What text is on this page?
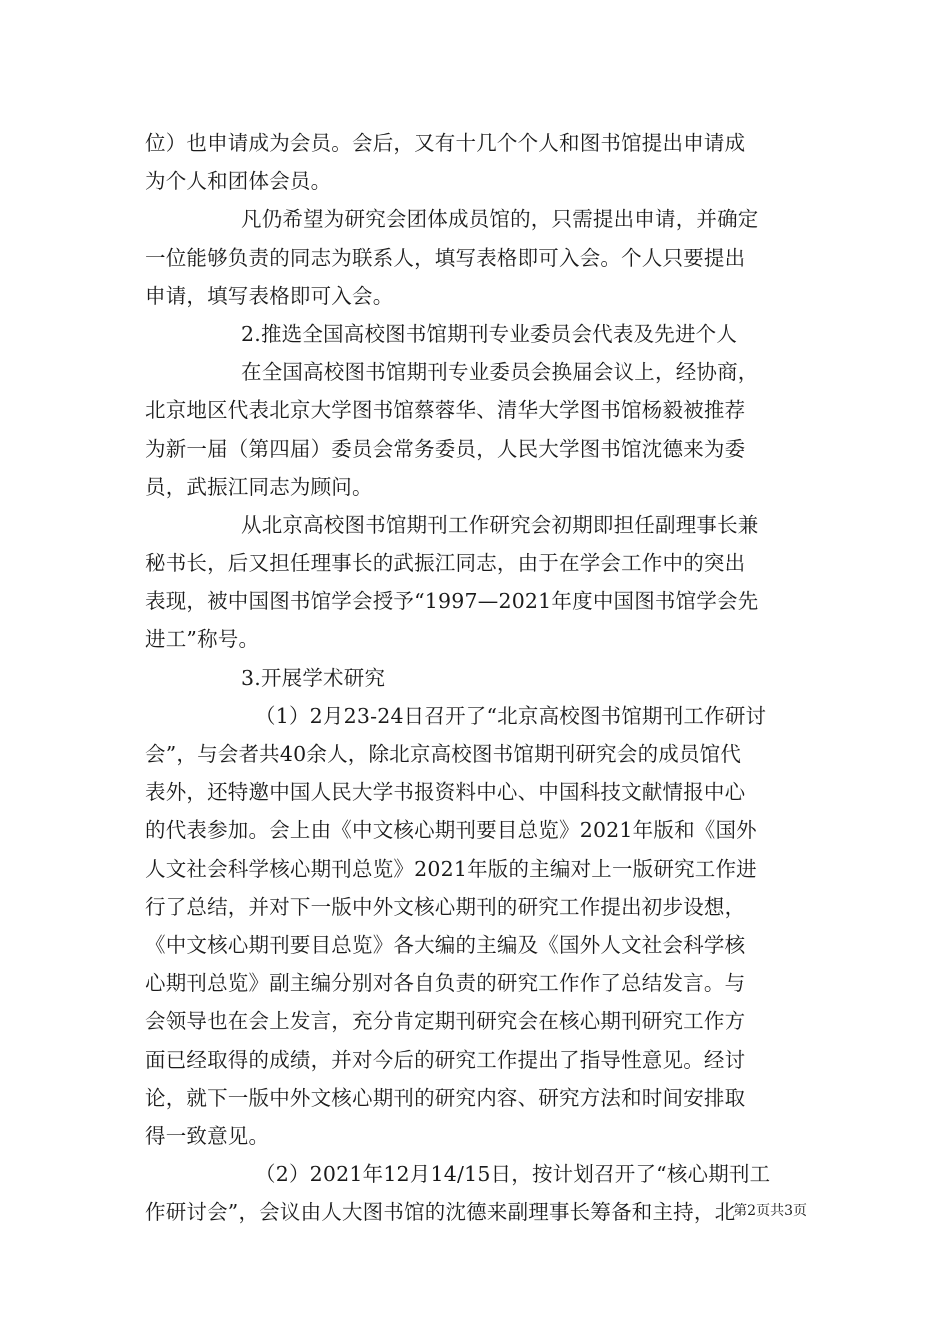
位）也申请成为会员。会后，又有十几个个人和图书馆提出申请成
为个人和团体会员。
凡仍希望为研究会团体成员馆的，只需提出申请，并确定
一位能够负责的同志为联系人，填写表格即可入会。个人只要提出
申请，填写表格即可入会。
2.推选全国高校图书馆期刊专业委员会代表及先进个人
在全国高校图书馆期刊专业委员会换届会议上，经协商，
北京地区代表北京大学图书馆蔡蓉华、清华大学图书馆杨毅被推荐
为新一届（第四届）委员会常务委员，人民大学图书馆沈德来为委
员，武振江同志为顾问。
从北京高校图书馆期刊工作研究会初期即担任副理事长兼
秘书长，后又担任理事长的武振江同志，由于在学会工作中的突出
表现，被中国图书馆学会授予“1997—2021年度中国图书馆学会先
进工”称号。
3.开展学术研究
（1）2月23-24日召开了“北京高校图书馆期刊工作研讨
会”，与会者共40余人，除北京高校图书馆期刊研究会的成员馆代
表外，还特邀中国人民大学书报资料中心、中国科技文献情报中心
的代表参加。会上由《中文核心期刊要目总览》2021年版和《国外
人文社会科学核心期刊总览》2021年版的主编对上一版研究工作进
行了总结，并对下一版中外文核心期刊的研究工作提出初步设想，
《中文核心期刊要目总览》各大编的主编及《国外人文社会科学核
心期刊总览》副主编分别对各自负责的研究工作作了总结发言。与
会领导也在会上发言，充分肯定期刊研究会在核心期刊研究工作方
面已经取得的成绩，并对今后的研究工作提出了指导性意见。经讨
论，就下一版中外文核心期刊的研究内容、研究方法和时间安排取
得一致意见。
（2）2021年12月14/15日，按计划召开了“核心期刊工
作研讨会”，会议由人大图书馆的沈德来副理事长筹备和主持，北
第2页共3页
